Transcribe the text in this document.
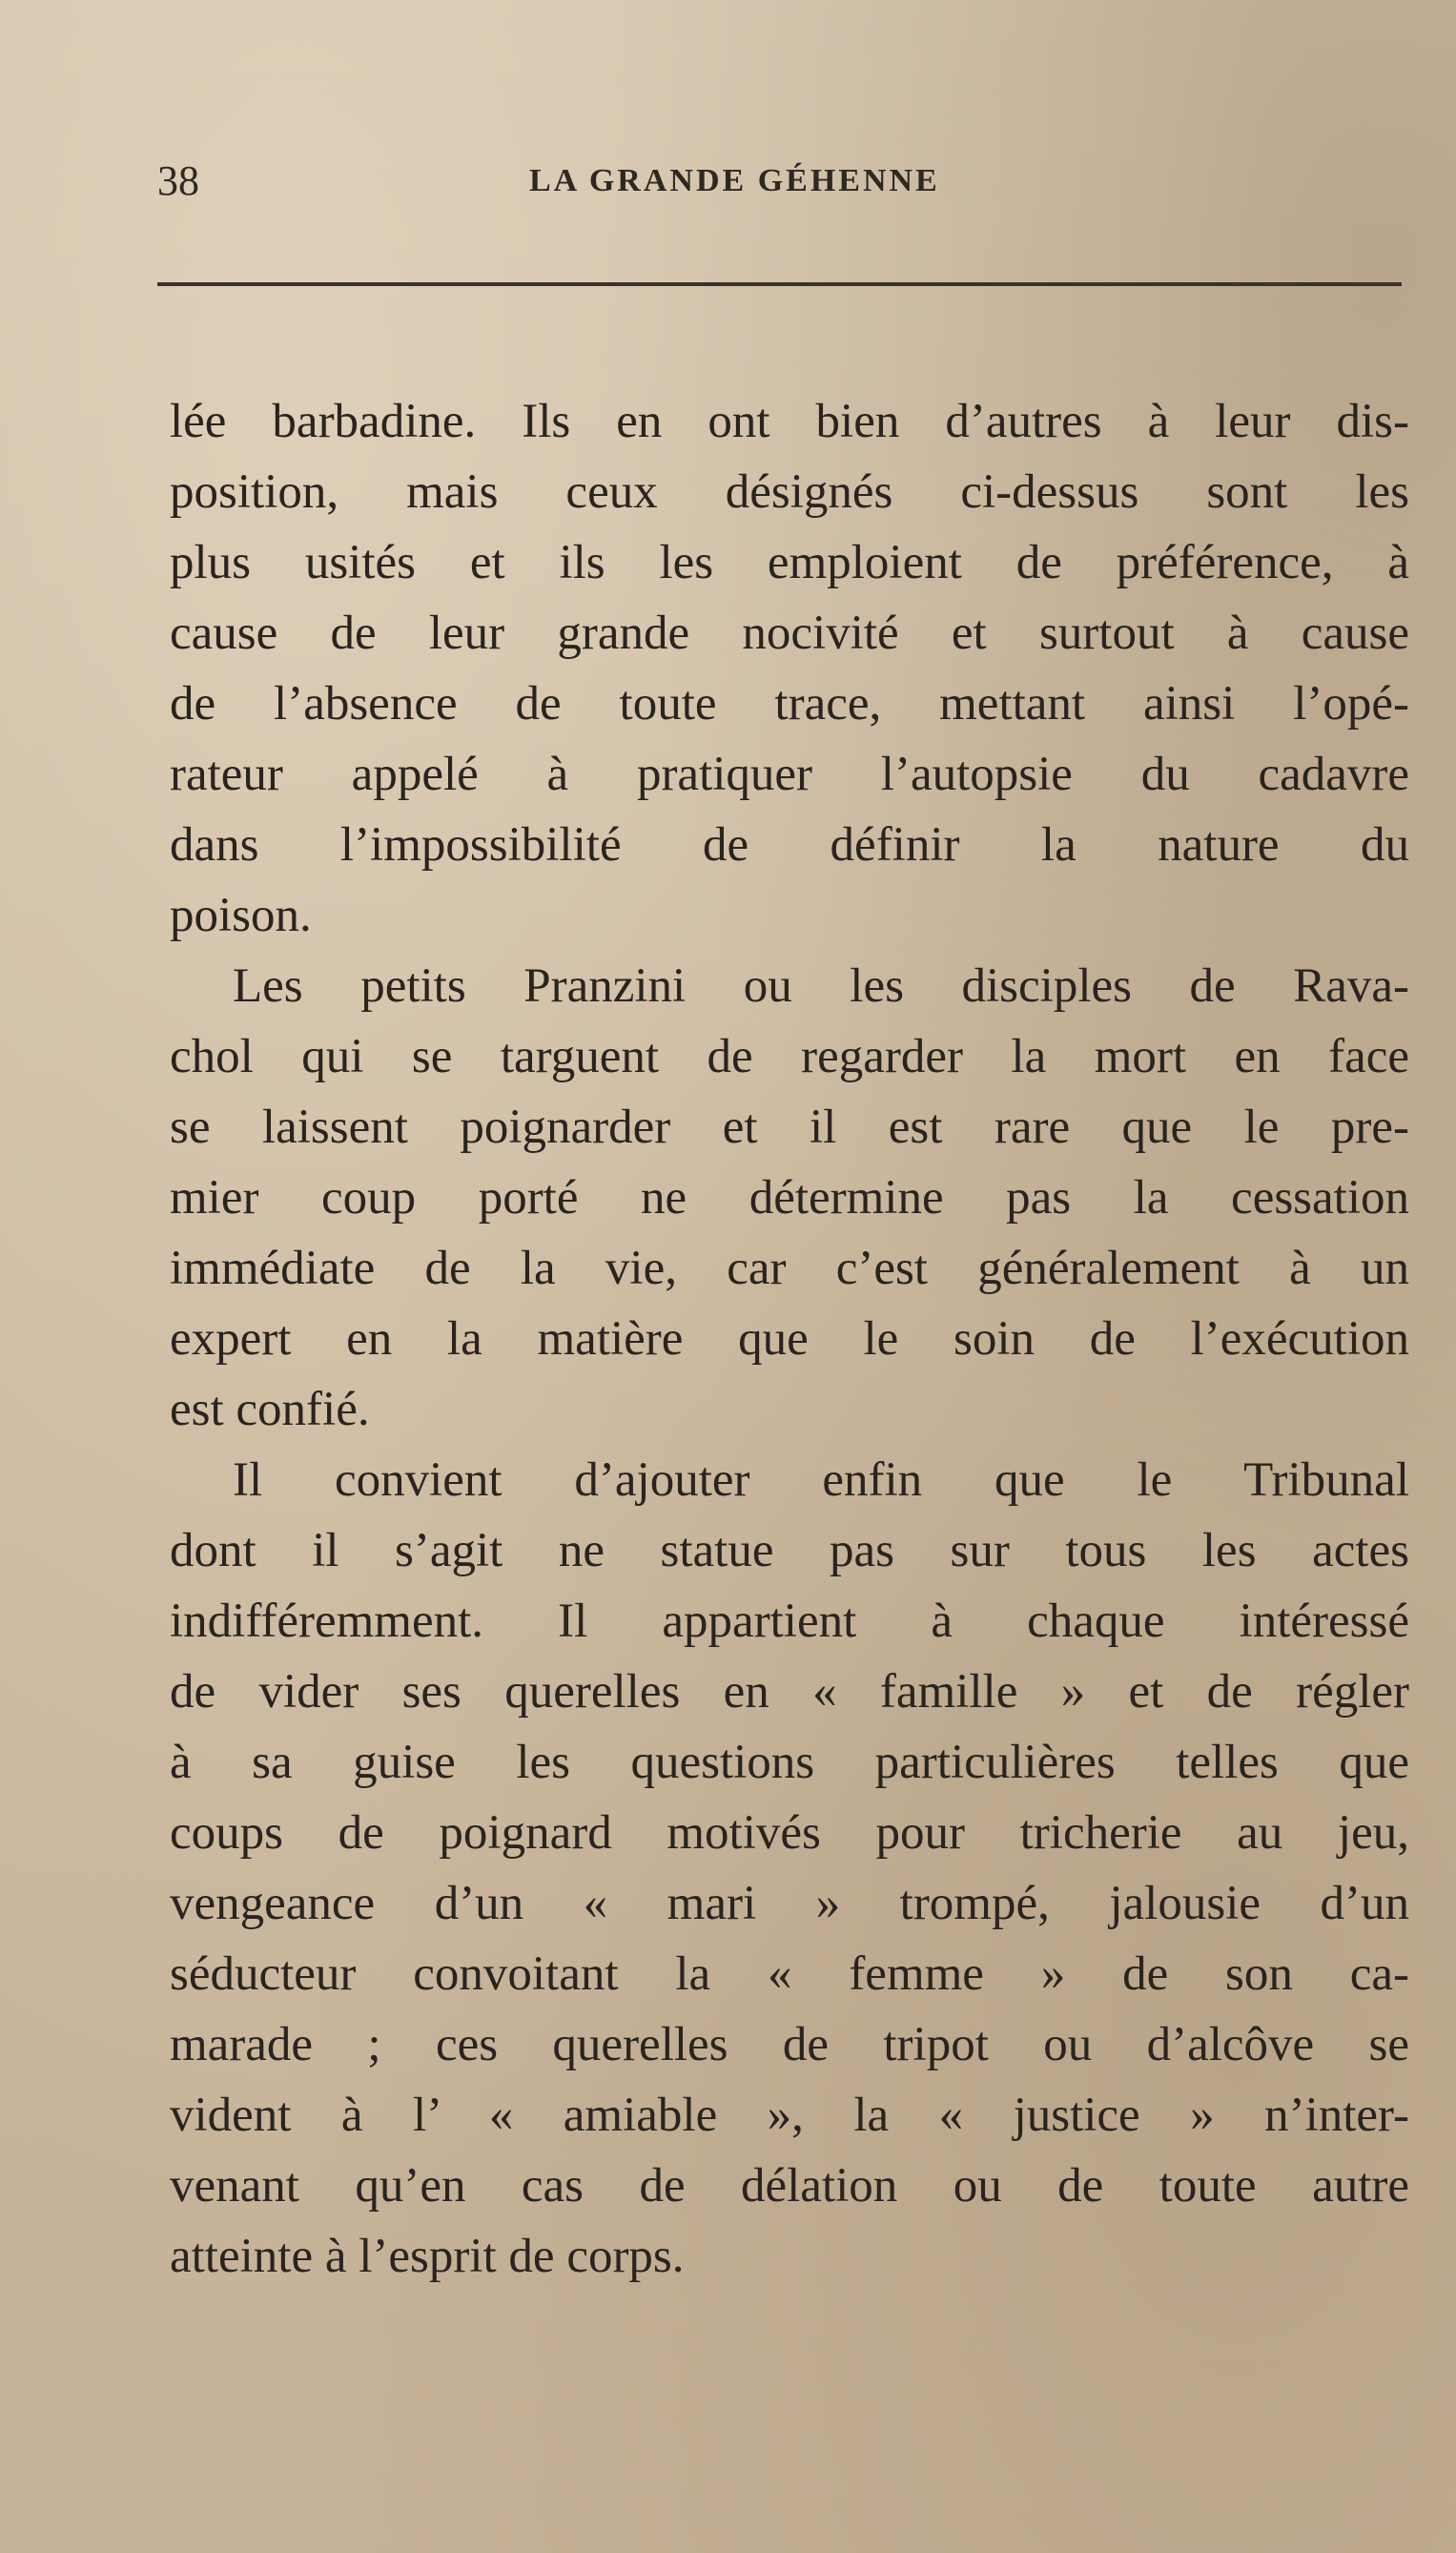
38	LA GRANDE GÉHENNE
lée barbadine. Ils en ont bien d’autres à leur dis-
position, mais ceux désignés ci-dessus sont les
plus usités et ils les emploient de préférence, à
cause de leur grande nocivité et surtout à cause
de l’absence de toute trace, mettant ainsi l’opé-
rateur appelé à pratiquer l’autopsie du cadavre
dans l’impossibilité de définir la nature du
poison.
Les petits Pranzini ou les disciples de Rava-
chol qui se targuent de regarder la mort en face
se laissent poignarder et il est rare que le pre-
mier coup porté ne détermine pas la cessation
immédiate de la vie, car c’est généralement à un
expert en la matière que le soin de l’exécution
est confié.
Il convient d’ajouter enfin que le Tribunal
dont il s’agit ne statue pas sur tous les actes
indifféremment. Il appartient à chaque intéressé
de vider ses querelles en « famille » et de régler
à sa guise les questions particulières telles que
coups de poignard motivés pour tricherie au jeu,
vengeance d’un « mari » trompé, jalousie d’un
séducteur convoitant la « femme » de son ca-
marade ; ces querelles de tripot ou d’alcôve se
vident à l’ « amiable », la « justice » n’inter-
venant qu’en cas de délation ou de toute autre
atteinte à l’esprit de corps.
